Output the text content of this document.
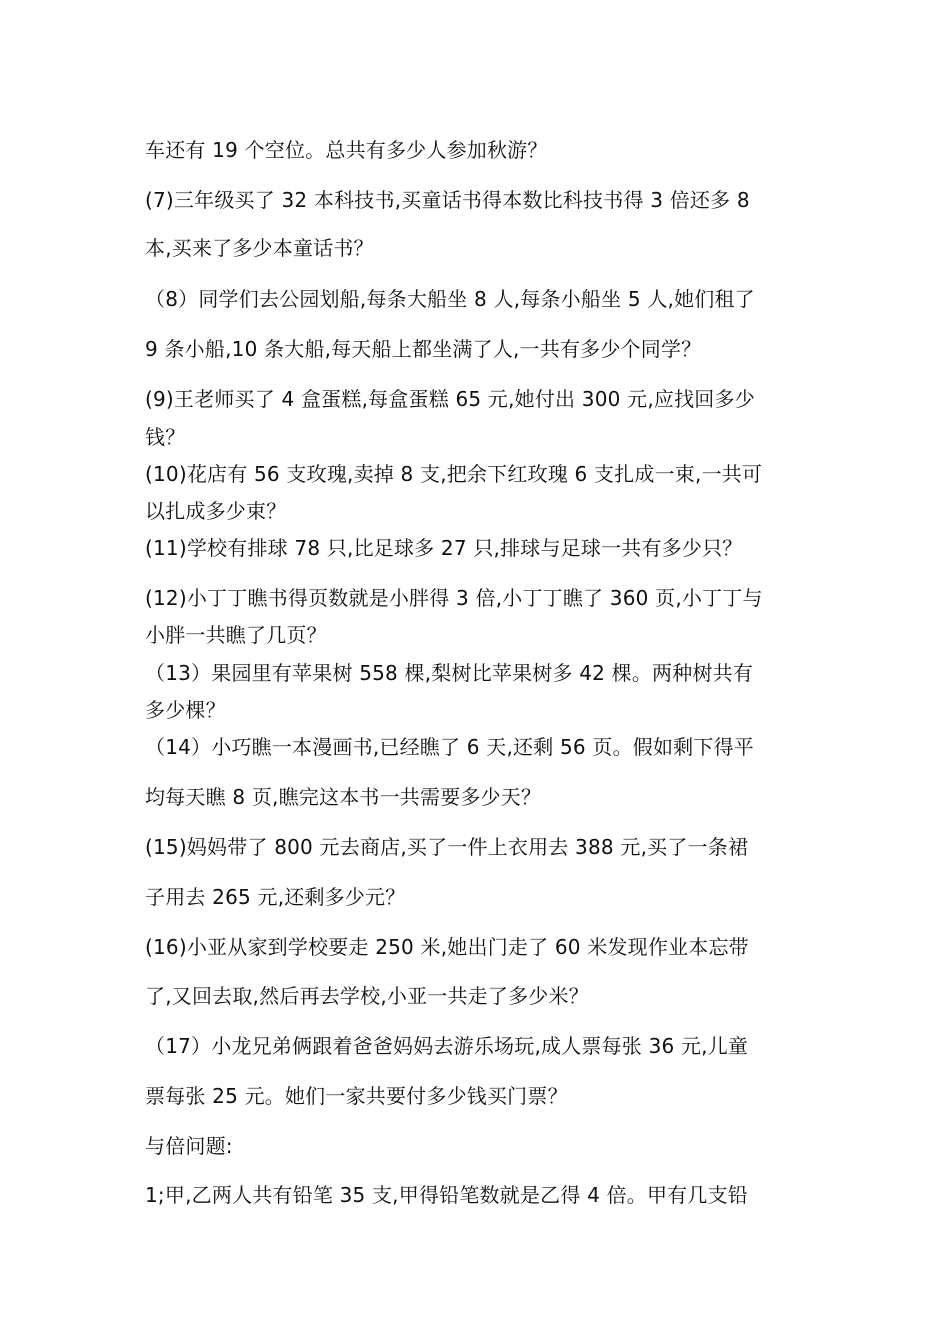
车还有 19 个空位。总共有多少人参加秋游？
(7)三年级买了 32 本科技书,买童话书得本数比科技书得 3 倍还多 8
本,买来了多少本童话书？
（8）同学们去公园划船,每条大船坐 8 人,每条小船坐 5 人,她们租了
9 条小船,10 条大船,每天船上都坐满了人,一共有多少个同学？
(9)王老师买了 4 盒蛋糕,每盒蛋糕 65 元,她付出 300 元,应找回多少
钱？
(10)花店有 56 支玫瑰,卖掉 8 支,把余下红玫瑰 6 支扎成一束,一共可
以扎成多少束？
(11)学校有排球 78 只,比足球多 27 只,排球与足球一共有多少只？
(12)小丁丁瞧书得页数就是小胖得 3 倍,小丁丁瞧了 360 页,小丁丁与
小胖一共瞧了几页？
（13）果园里有苹果树 558 棵,梨树比苹果树多 42 棵。两种树共有
多少棵？
（14）小巧瞧一本漫画书,已经瞧了 6 天,还剩 56 页。假如剩下得平
均每天瞧 8 页,瞧完这本书一共需要多少天？
(15)妈妈带了 800 元去商店,买了一件上衣用去 388 元,买了一条裙
子用去 265 元,还剩多少元？
(16)小亚从家到学校要走 250 米,她出门走了 60 米发现作业本忘带
了,又回去取,然后再去学校,小亚一共走了多少米？
（17）小龙兄弟俩跟着爸爸妈妈去游乐场玩,成人票每张 36 元,儿童
票每张 25 元。她们一家共要付多少钱买门票？
与倍问题:
1;甲,乙两人共有铅笔 35 支,甲得铅笔数就是乙得 4 倍。甲有几支铅
